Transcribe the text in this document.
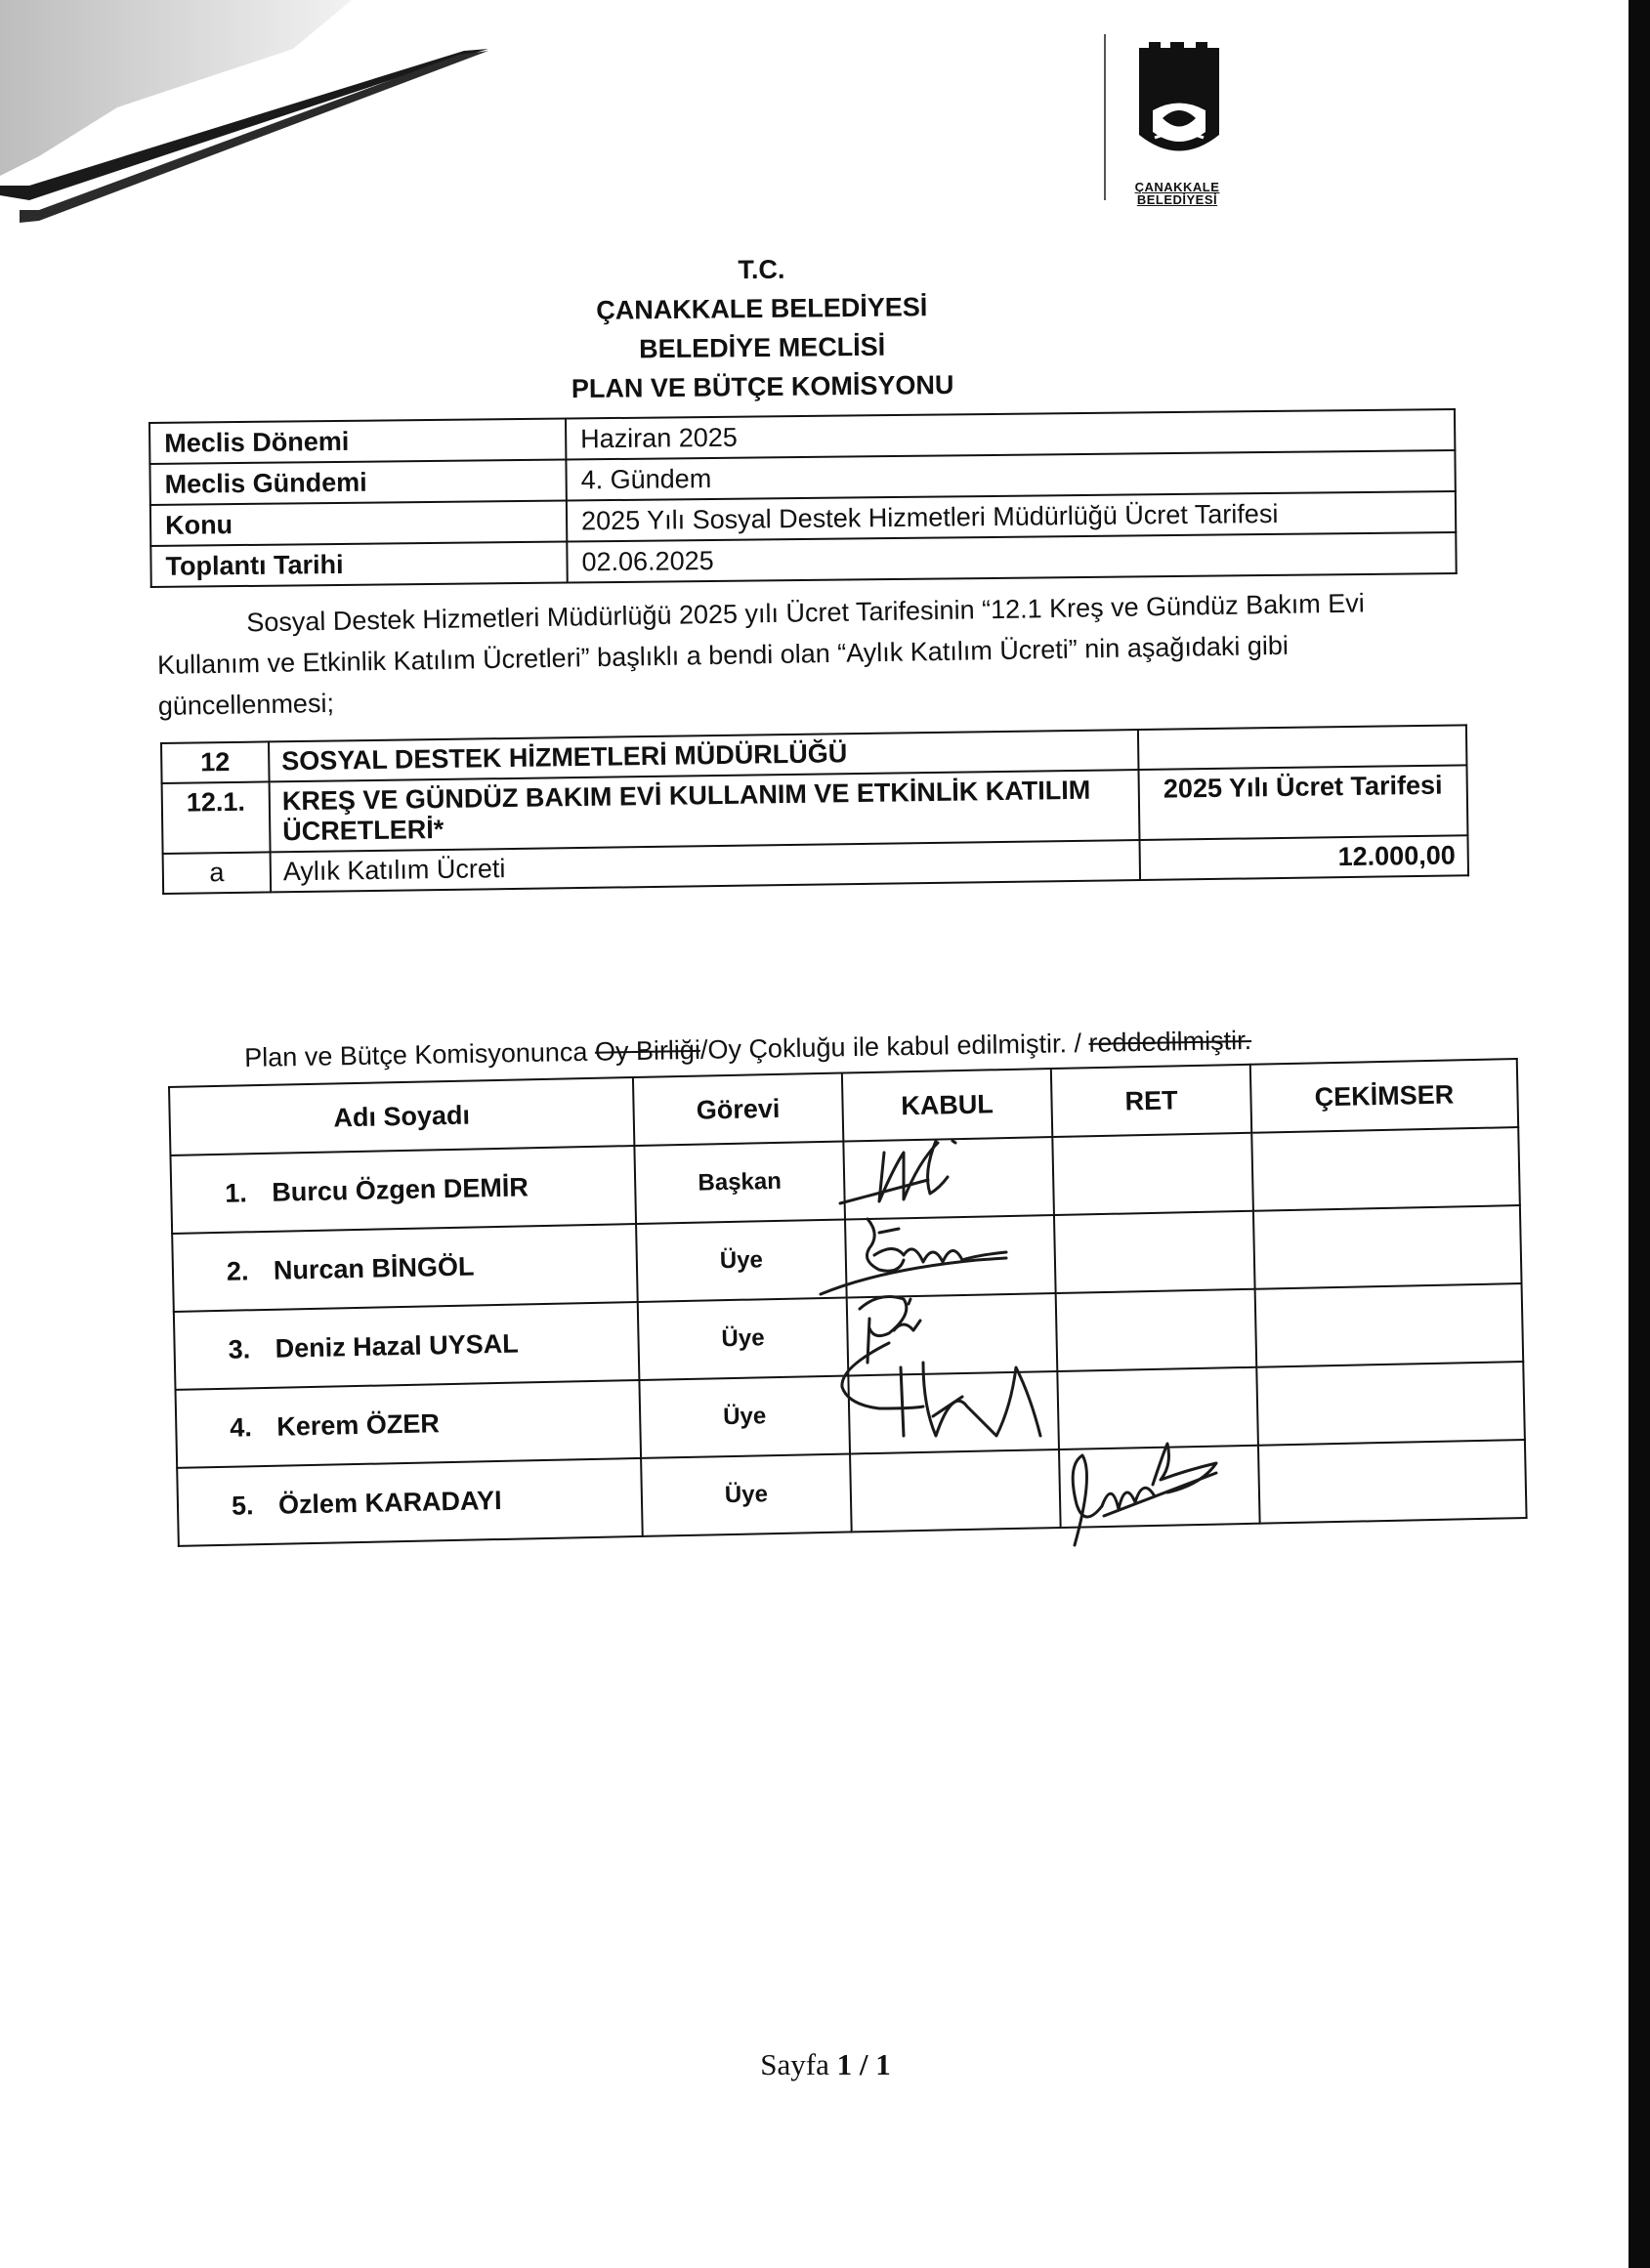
ÇANAKKALE
BELEDİYESİ
T.C.
ÇANAKKALE BELEDİYESİ
BELEDİYE MECLİSİ
PLAN VE BÜTÇE KOMİSYONU
Meclis Dönemi	Haziran 2025
Meclis Gündemi	4. Gündem
Konu	2025 Yılı Sosyal Destek Hizmetleri Müdürlüğü Ücret Tarifesi
Toplantı Tarihi	02.06.2025

Sosyal Destek Hizmetleri Müdürlüğü 2025 yılı Ücret Tarifesinin “12.1 Kreş ve Gündüz Bakım Evi Kullanım ve Etkinlik Katılım Ücretleri” başlıklı a bendi olan “Aylık Katılım Ücreti” nin aşağıdaki gibi güncellenmesi;

12	SOSYAL DESTEK HİZMETLERİ MÜDÜRLÜĞÜ	
12.1.	KREŞ VE GÜNDÜZ BAKIM EVİ KULLANIM VE ETKİNLİK KATILIM ÜCRETLERİ*	2025 Yılı Ücret Tarifesi
a	Aylık Katılım Ücreti	12.000,00
Plan ve Bütçe Komisyonunca Oy Birliği/Oy Çokluğu ile kabul edilmiştir. / reddedilmiştir.
Adı Soyadı	Görevi	KABUL	RET	ÇEKİMSER
1. Burcu Özgen DEMİR	Başkan			
2. Nurcan BİNGÖL	Üye			
3. Deniz Hazal UYSAL	Üye			
4. Kerem ÖZER	Üye			
5. Özlem KARADAYI	Üye			
Sayfa 1 / 1
